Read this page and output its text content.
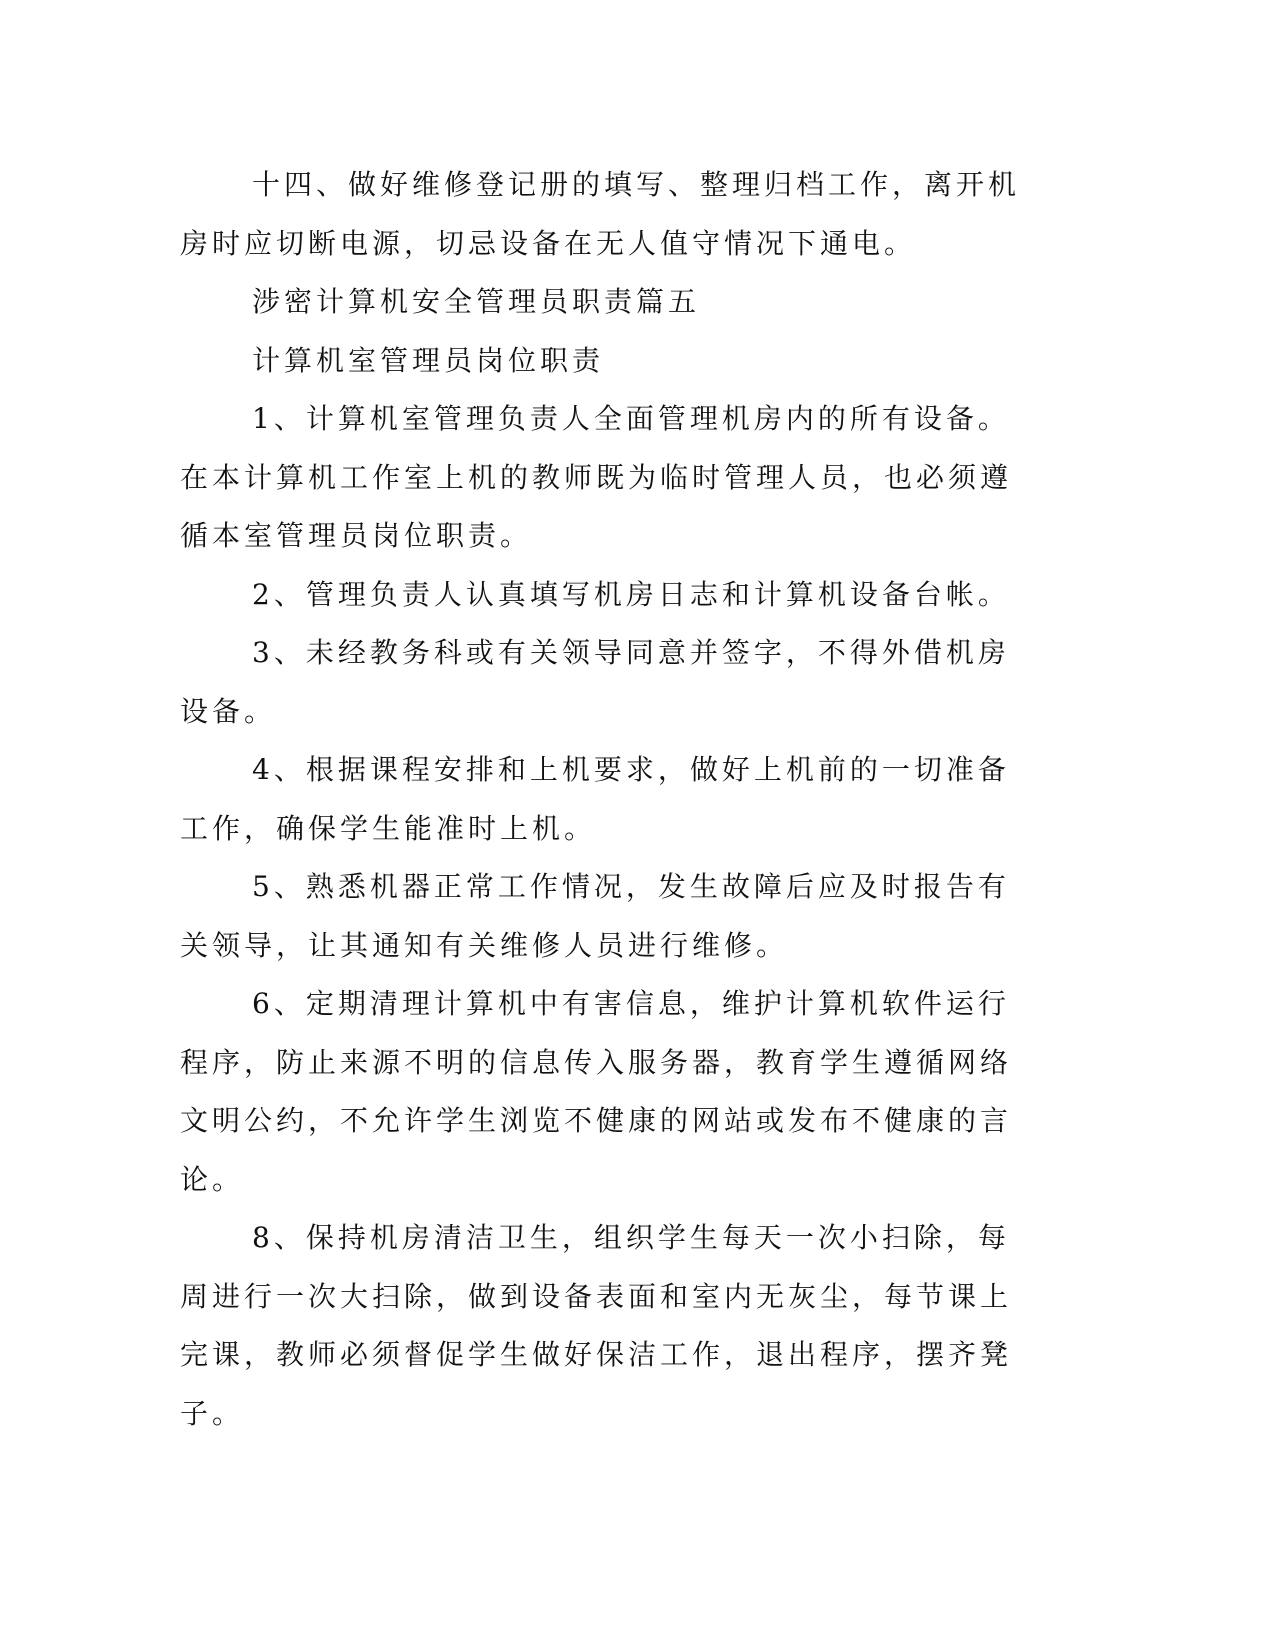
十四、做好维修登记册的填写、整理归档工作，离开机房时应切断电源，切忌设备在无人值守情况下通电。

涉密计算机安全管理员职责篇五

计算机室管理员岗位职责

1、计算机室管理负责人全面管理机房内的所有设备。在本计算机工作室上机的教师既为临时管理人员，也必须遵循本室管理员岗位职责。

2、管理负责人认真填写机房日志和计算机设备台帐。

3、未经教务科或有关领导同意并签字，不得外借机房设备。

4、根据课程安排和上机要求，做好上机前的一切准备工作，确保学生能准时上机。

5、熟悉机器正常工作情况，发生故障后应及时报告有关领导，让其通知有关维修人员进行维修。

6、定期清理计算机中有害信息，维护计算机软件运行程序，防止来源不明的信息传入服务器，教育学生遵循网络文明公约，不允许学生浏览不健康的网站或发布不健康的言论。

8、保持机房清洁卫生，组织学生每天一次小扫除，每周进行一次大扫除，做到设备表面和室内无灰尘，每节课上完课，教师必须督促学生做好保洁工作，退出程序，摆齐凳子。
